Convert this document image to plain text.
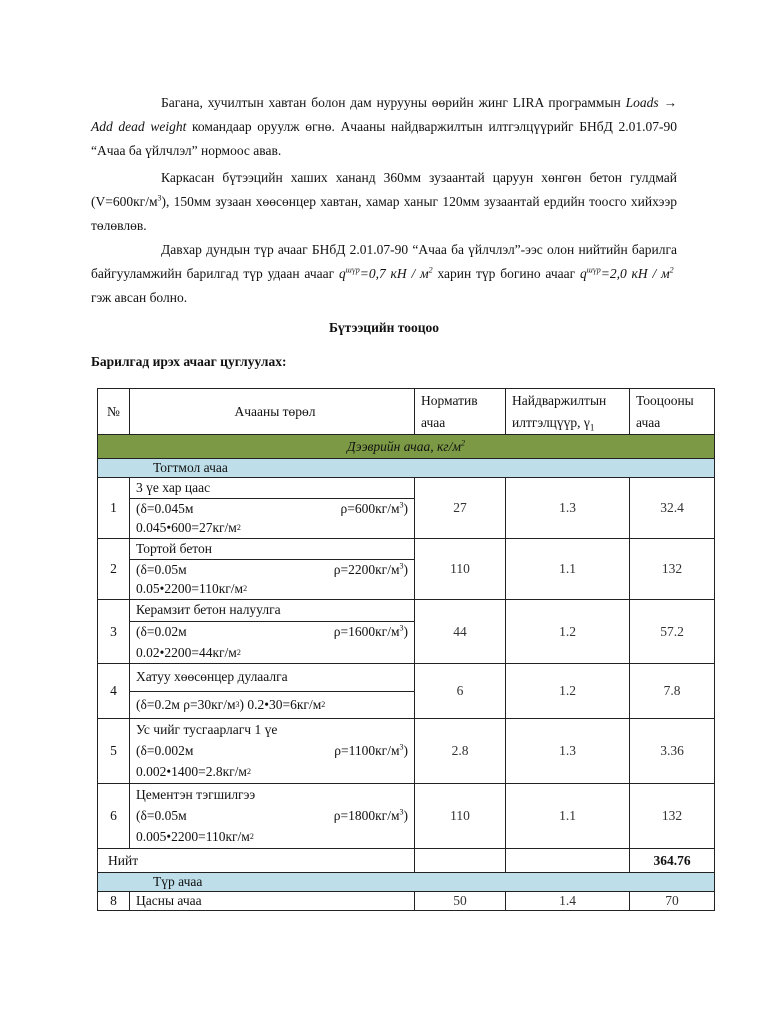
Багана, хучилтын хавтан болон дам нурууны өөрийн жинг LIRA программын Loads → Add dead weight командаар оруулж өгнө. Ачааны найдваржилтын илтгэлцүүрийг БНбД 2.01.07-90 “Ачаа ба үйлчлэл” нормоос авав.

Каркасан бүтээцийн хаших хананд 360мм зузаантай царуун хөнгөн бетон гулдмай $(V=600кг/м^3)$, 150мм зузаан хөөсөнцер хавтан, хамар ханыг 120мм зузаантай ердийн тоосго хийхээр төлөвлөв.

Давхар дундын түр ачааг БНбД 2.01.07-90 “Ачаа ба үйлчлэл”-ээс олон нийтийн барилга байгууламжийн барилгад түр удаан ачааг $q^{шүр}=0,7$ кН / $м^2$ харин түр богино ачааг $q^{шүр}=2,0$ кН / $м^2$  гэж авсан болно.

Бүтээцийн тооцоо

Барилгад ирэх ачааг цуглуулах:

№	Ачааны төрөл	Норматив ачаа	Найдваржилтын илтгэлцүүр, $\gamma_1$	Тооцооны ачаа
Дээврийн ачаа, $кг/м^2$
Тогтмол ачаа				
1	3 үе хар цаас
(δ=0.045м $\rho=600кг/м^3$)
0.045•600=27кг/м 2	27	1.3	32.4
2	Тортой бетон
(δ=0.05м $\rho=2200кг/м^3$)
0.05•2200=110кг/м 2	110	1.1	132
3	Керамзит бетон налуулга
(δ=0.02м $\rho=1600кг/м^3$)
0.02•2200=44кг/м 2	44	1.2	57.2
4	Хатуу хөөсөнцер дулаалга
(δ=0.2м ρ=30кг/м 3 ) 0.2•30=6кг/м 2	6	1.2	7.8
5	Ус чийг тусгаарлагч 1 үе
(δ=0.002м $\rho=1100кг/м^3$)
0.002•1400=2.8кг/м 2	2.8	1.3	3.36
6	Цементэн тэгшилгээ
(δ=0.05м $\rho=1800кг/м^3$)
0.005•2200=110кг/м 2	110	1.1	132
Нийт				364.76
Түр ачаа				
8	Цасны ачаа	50	1.4	70
